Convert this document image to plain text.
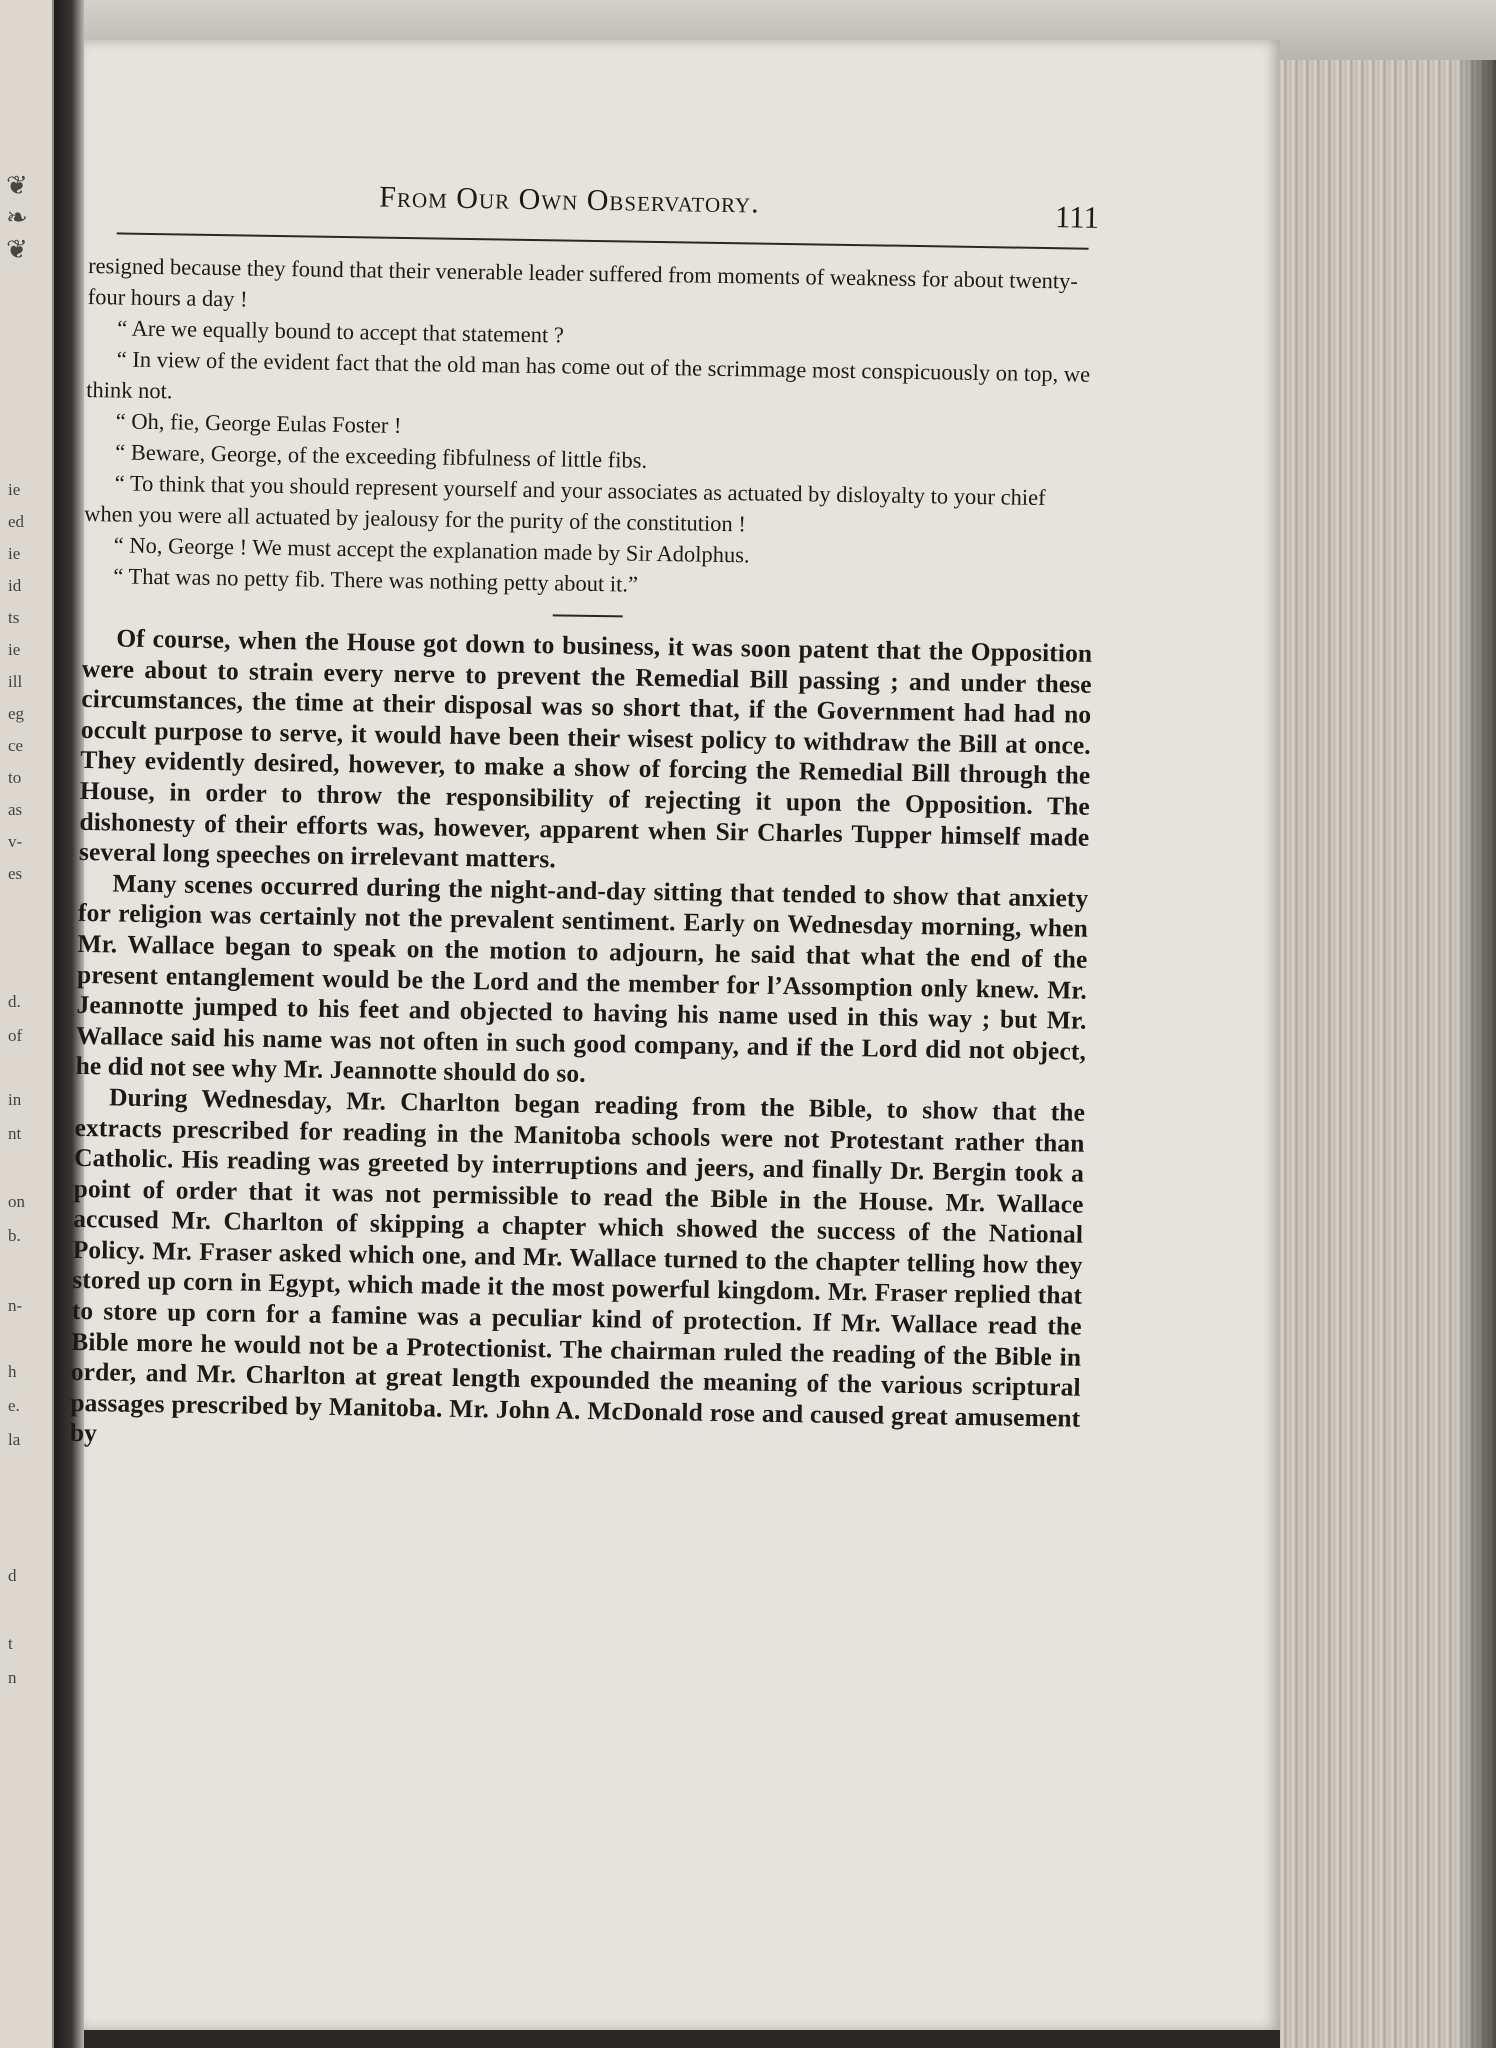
❦
❧
❦
ie
ed
ie
id
ts
ie
ill
eg
ce
to
as
v-
es
d.
of
in
nt
on
b.
n-
h
e.
la
d
t
n
From Our Own Observatory.	111

resigned because they found that their venerable leader suffered from moments of weakness for about twenty-four hours a day !

“ Are we equally bound to accept that statement ?

“ In view of the evident fact that the old man has come out of the scrimmage most conspicuously on top, we think not.

“ Oh, fie, George Eulas Foster !

“ Beware, George, of the exceeding fibfulness of little fibs.

“ To think that you should represent yourself and your associates as actuated by disloyalty to your chief when you were all actuated by jealousy for the purity of the constitution !

“ No, George ! We must accept the explanation made by Sir Adolphus.

“ That was no petty fib. There was nothing petty about it.”

Of course, when the House got down to business, it was soon patent that the Opposition were about to strain every nerve to prevent the Remedial Bill passing ; and under these circumstances, the time at their disposal was so short that, if the Government had had no occult purpose to serve, it would have been their wisest policy to withdraw the Bill at once. They evidently desired, however, to make a show of forcing the Remedial Bill through the House, in order to throw the responsibility of rejecting it upon the Opposition. The dishonesty of their efforts was, however, apparent when Sir Charles Tupper himself made several long speeches on irrelevant matters.

Many scenes occurred during the night-and-day sitting that tended to show that anxiety for religion was certainly not the prevalent sentiment. Early on Wednesday morning, when Mr. Wallace began to speak on the motion to adjourn, he said that what the end of the present entanglement would be the Lord and the member for l’Assomption only knew. Mr. Jeannotte jumped to his feet and objected to having his name used in this way ; but Mr. Wallace said his name was not often in such good company, and if the Lord did not object, he did not see why Mr. Jeannotte should do so.

During Wednesday, Mr. Charlton began reading from the Bible, to show that the extracts prescribed for reading in the Manitoba schools were not Protestant rather than Catholic. His reading was greeted by interruptions and jeers, and finally Dr. Bergin took a point of order that it was not permissible to read the Bible in the House. Mr. Wallace accused Mr. Charlton of skipping a chapter which showed the success of the National Policy. Mr. Fraser asked which one, and Mr. Wallace turned to the chapter telling how they stored up corn in Egypt, which made it the most powerful kingdom. Mr. Fraser replied that to store up corn for a famine was a peculiar kind of protection. If Mr. Wallace read the Bible more he would not be a Protectionist. The chairman ruled the reading of the Bible in order, and Mr. Charlton at great length expounded the meaning of the various scriptural passages prescribed by Manitoba. Mr. John A. McDonald rose and caused great amusement by
